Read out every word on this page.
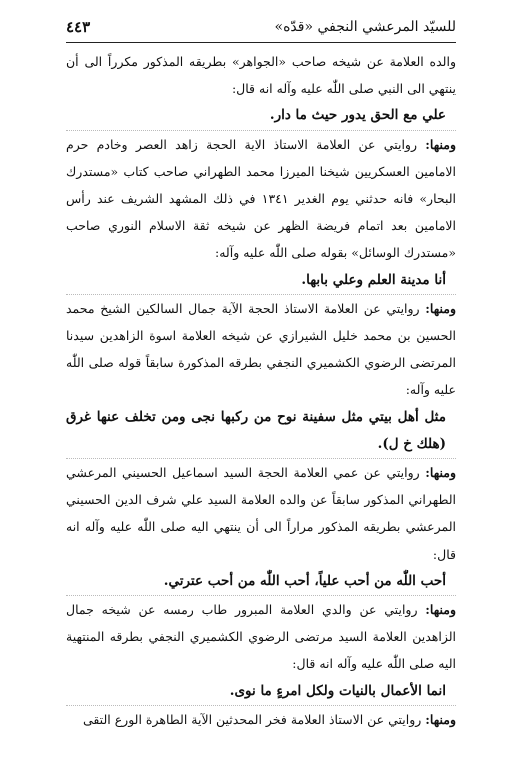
للسيّد المرعشي النجفي «قدّه»
٤٤٣

والده العلامة عن شيخه صاحب «الجواهر» بطريقه المذكور مكرراً الى أن ينتهي الى النبي صلى اللّٰه عليه وآله انه قال:

علي مع الحق يدور حيث ما دار.

ومنها: روايتي عن العلامة الاستاذ الاية الحجة زاهد العصر وخادم حرم الامامين العسكريين شيخنا الميرزا محمد الطهراني صاحب كتاب «مستدرك البحار» فانه حدثني يوم الغدير ١٣٤١ في ذلك المشهد الشريف عند رأس الامامين بعد اتمام فريضة الظهر عن شيخه ثقة الاسلام النوري صاحب «مستدرك الوسائل» بقوله صلى اللّٰه عليه وآله:

أنا مدينة العلم وعلي بابها.

ومنها: روايتي عن العلامة الاستاذ الحجة الآية جمال السالكين الشيخ محمد الحسين بن محمد خليل الشيرازي عن شيخه العلامة اسوة الزاهدين سيدنا المرتضى الرضوي الكشميري النجفي بطرقه المذكورة سابقاً قوله صلى اللّٰه عليه وآله:

مثل أهل بيتي مثل سفينة نوح من ركبها نجى ومن تخلف عنها غرق (هلك خ ل).

ومنها: روايتي عن عمي العلامة الحجة السيد اسماعيل الحسيني المرعشي الطهراني المذكور سابقاً عن والده العلامة السيد علي شرف الدين الحسيني المرعشي بطريقه المذكور مراراً الى أن ينتهي اليه صلى اللّٰه عليه وآله انه قال:

أحب اللّٰه من أحب علياً، أحب اللّٰه من أحب عترتي.

ومنها: روايتي عن والدي العلامة المبرور طاب رمسه عن شيخه جمال الزاهدين العلامة السيد مرتضى الرضوي الكشميري النجفي بطرقه المنتهية اليه صلى اللّٰه عليه وآله انه قال:

انما الأعمال بالنيات ولكل امرءٍ ما نوى.

ومنها: روايتي عن الاستاذ العلامة فخر المحدثين الآية الطاهرة الورع التقى
